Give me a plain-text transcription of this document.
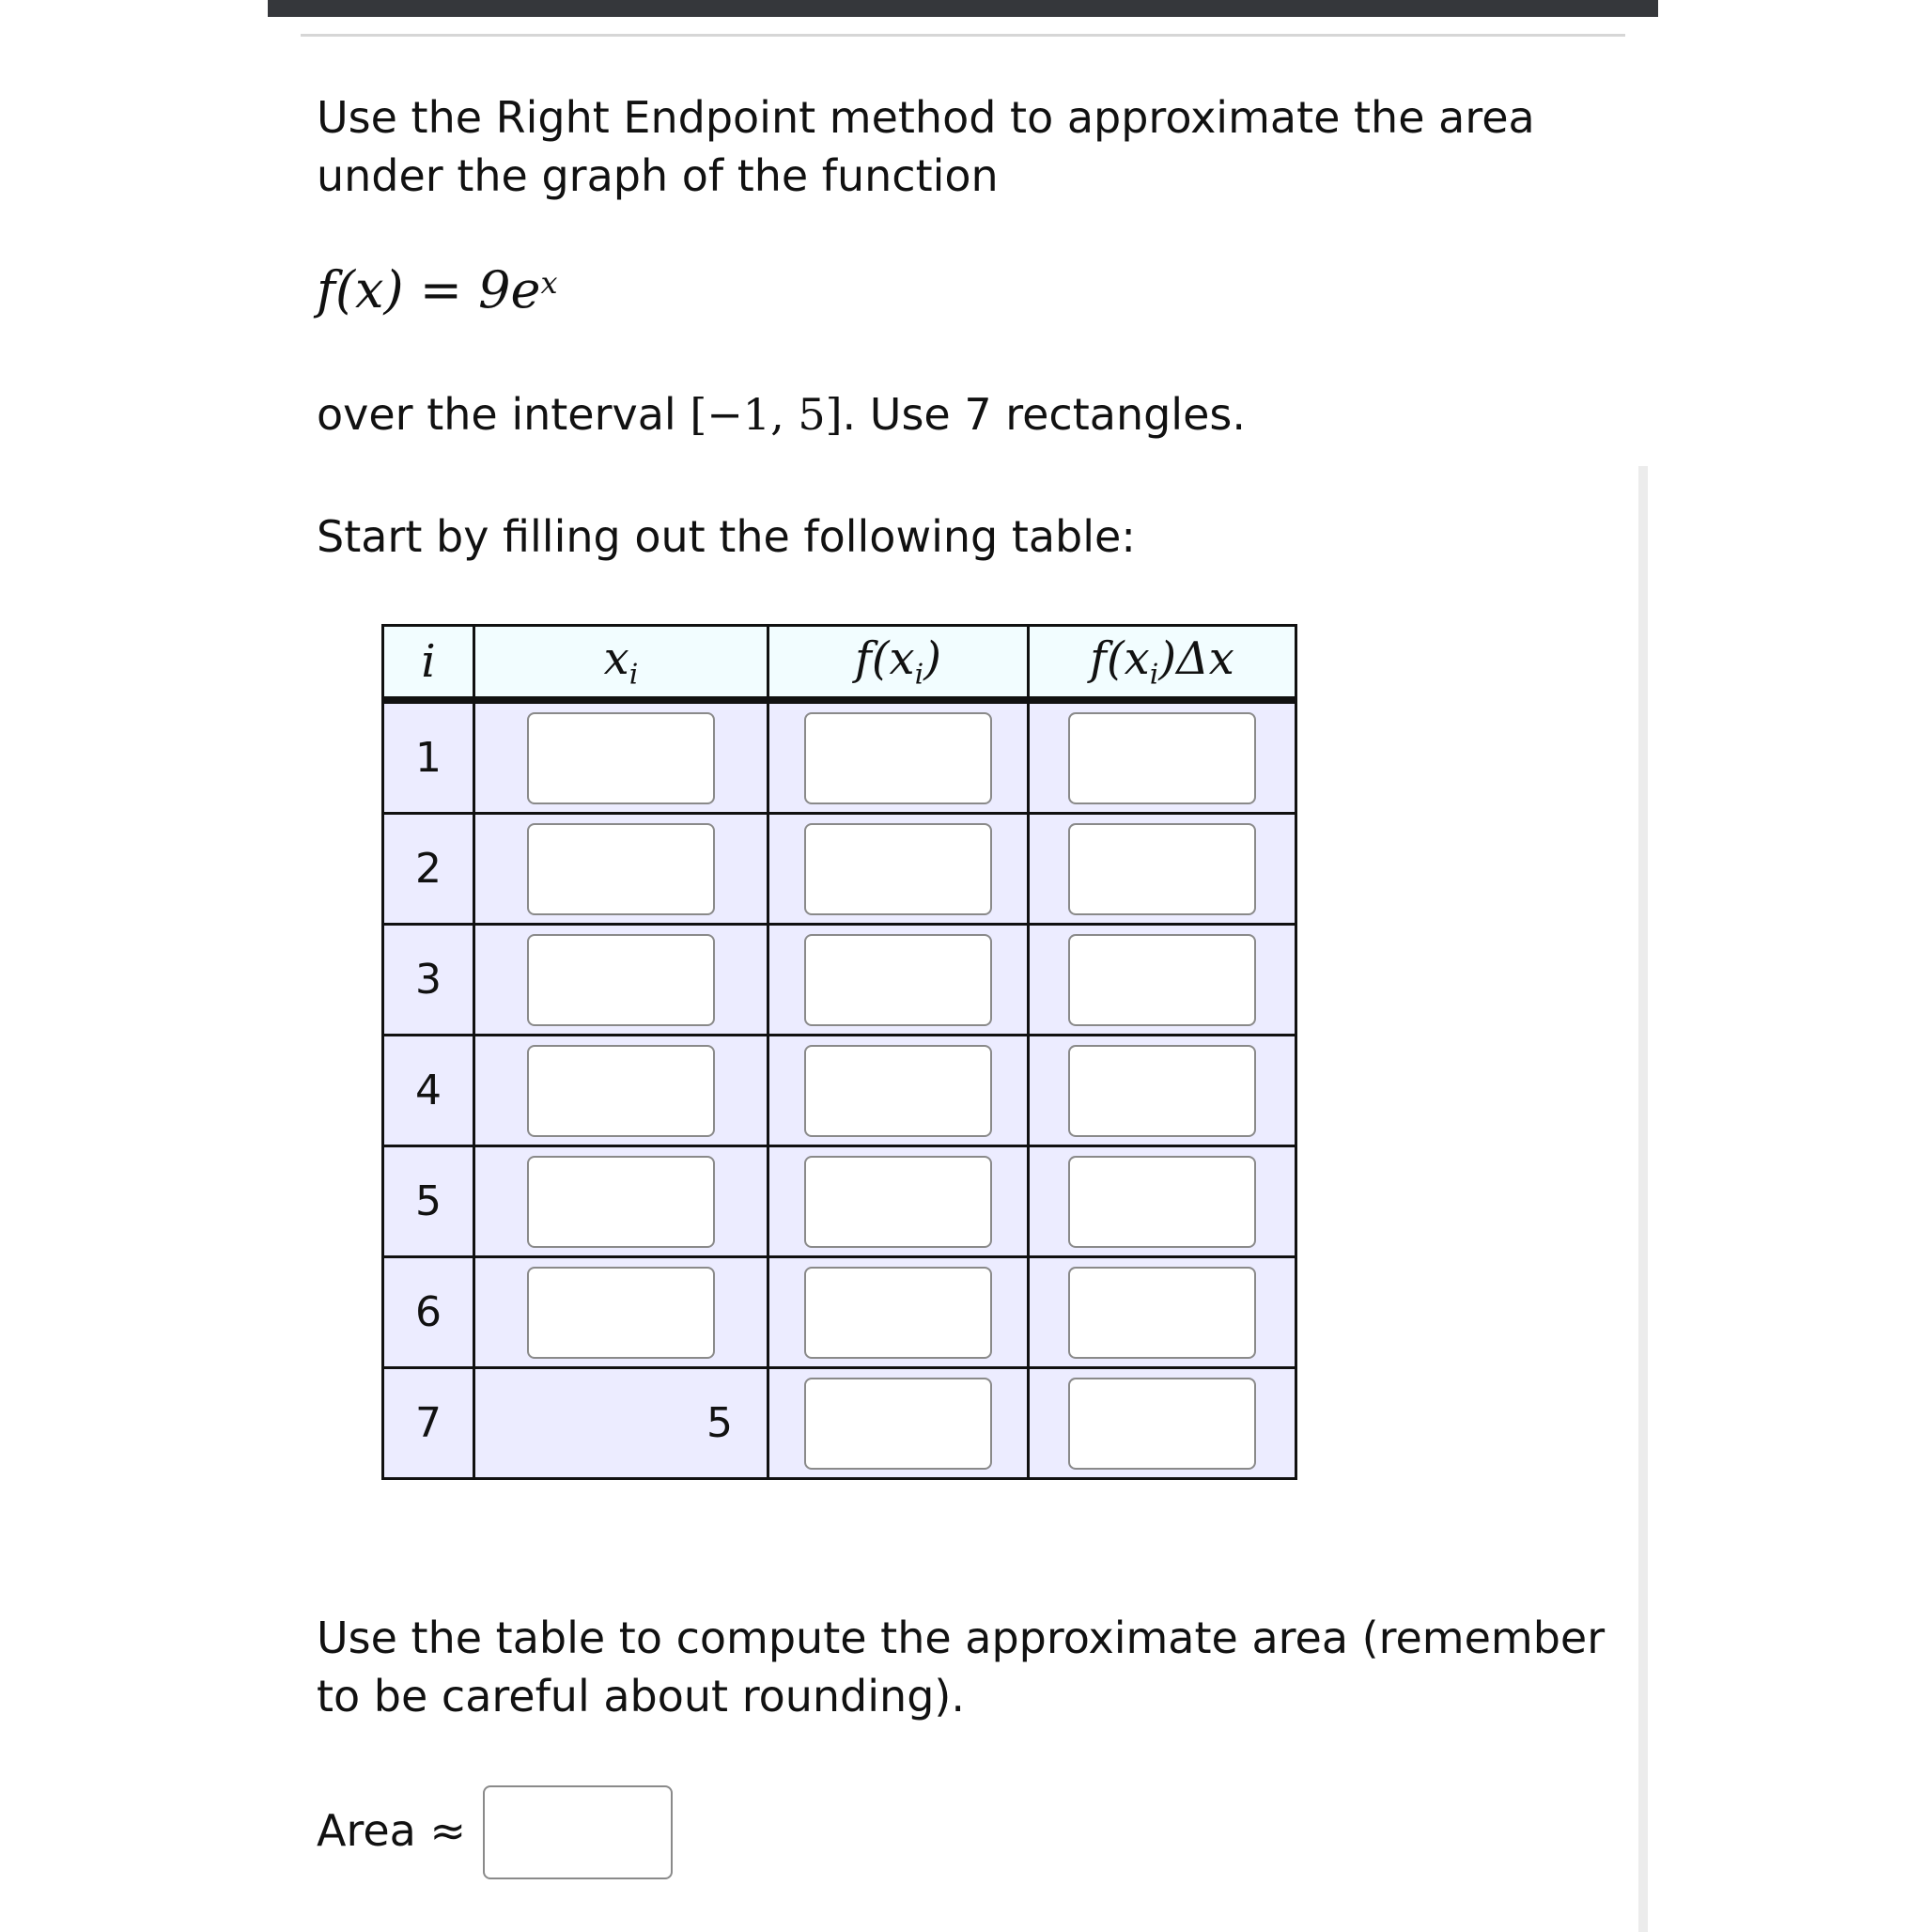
Use the Right Endpoint method to approximate the area under the graph of the function
$f(x) = 9e^x$
over the interval [−1, 5]. Use 7 rectangles.
Start by filling out the following table:
i	$x_i$	$f(x_i)$	$f(x_i)\Delta x$
1	

2	

3	

4	

5	

6	

7	5	

Use the table to compute the approximate area (remember to be careful about rounding).
Area ≈
